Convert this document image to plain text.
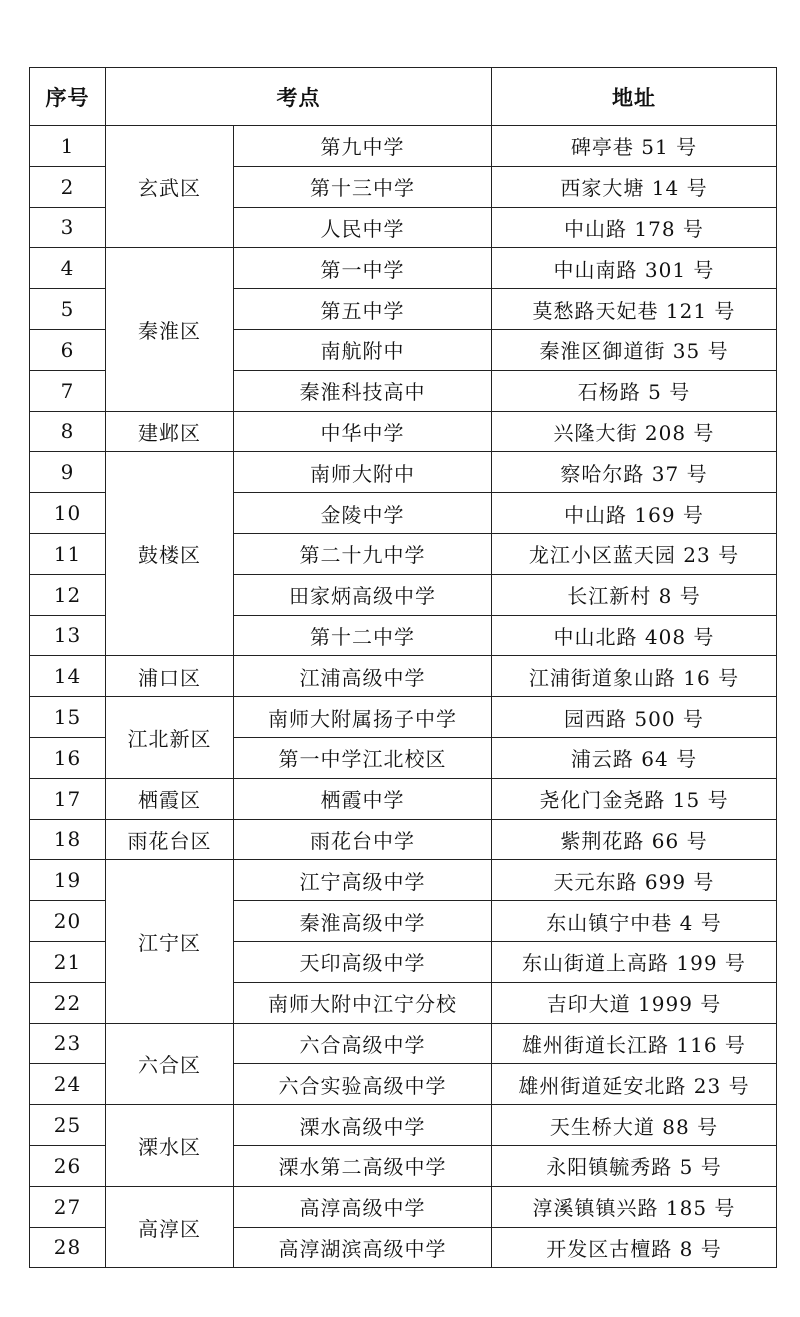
序号	考点		地址
1	玄武区	第九中学	碑亭巷 51 号
2		第十三中学	西家大塘 14 号
3		人民中学	中山路 178 号
4	秦淮区	第一中学	中山南路 301 号
5		第五中学	莫愁路天妃巷 121 号
6		南航附中	秦淮区御道街 35 号
7		秦淮科技高中	石杨路 5 号
8	建邺区	中华中学	兴隆大街 208 号
9	鼓楼区	南师大附中	察哈尔路 37 号
10		金陵中学	中山路 169 号
11		第二十九中学	龙江小区蓝天园 23 号
12		田家炳高级中学	长江新村 8 号
13		第十二中学	中山北路 408 号
14	浦口区	江浦高级中学	江浦街道象山路 16 号
15	江北新区	南师大附属扬子中学	园西路 500 号
16		第一中学江北校区	浦云路 64 号
17	栖霞区	栖霞中学	尧化门金尧路 15 号
18	雨花台区	雨花台中学	紫荆花路 66 号
19	江宁区	江宁高级中学	天元东路 699 号
20		秦淮高级中学	东山镇宁中巷 4 号
21		天印高级中学	东山街道上高路 199 号
22		南师大附中江宁分校	吉印大道 1999 号
23	六合区	六合高级中学	雄州街道长江路 116 号
24		六合实验高级中学	雄州街道延安北路 23 号
25	溧水区	溧水高级中学	天生桥大道 88 号
26		溧水第二高级中学	永阳镇毓秀路 5 号
27	高淳区	高淳高级中学	淳溪镇镇兴路 185 号
28		高淳湖滨高级中学	开发区古檀路 8 号
